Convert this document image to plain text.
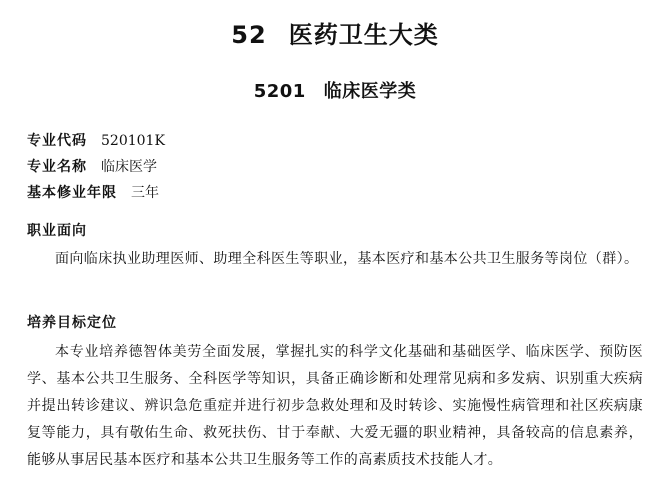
52 医药卫生大类
5201 临床医学类
专业代码 520101K
专业名称 临床医学
基本修业年限 三年
职业面向
面向临床执业助理医师、助理全科医生等职业，基本医疗和基本公共卫生服务等岗位（群）。
培养目标定位
本专业培养德智体美劳全面发展，掌握扎实的科学文化基础和基础医学、临床医学、预防医学、基本公共卫生服务、全科医学等知识，具备正确诊断和处理常见病和多发病、识别重大疾病并提出转诊建议、辨识急危重症并进行初步急救处理和及时转诊、实施慢性病管理和社区疾病康复等能力，具有敬佑生命、救死扶伤、甘于奉献、大爱无疆的职业精神，具备较高的信息素养，能够从事居民基本医疗和基本公共卫生服务等工作的高素质技术技能人才。
